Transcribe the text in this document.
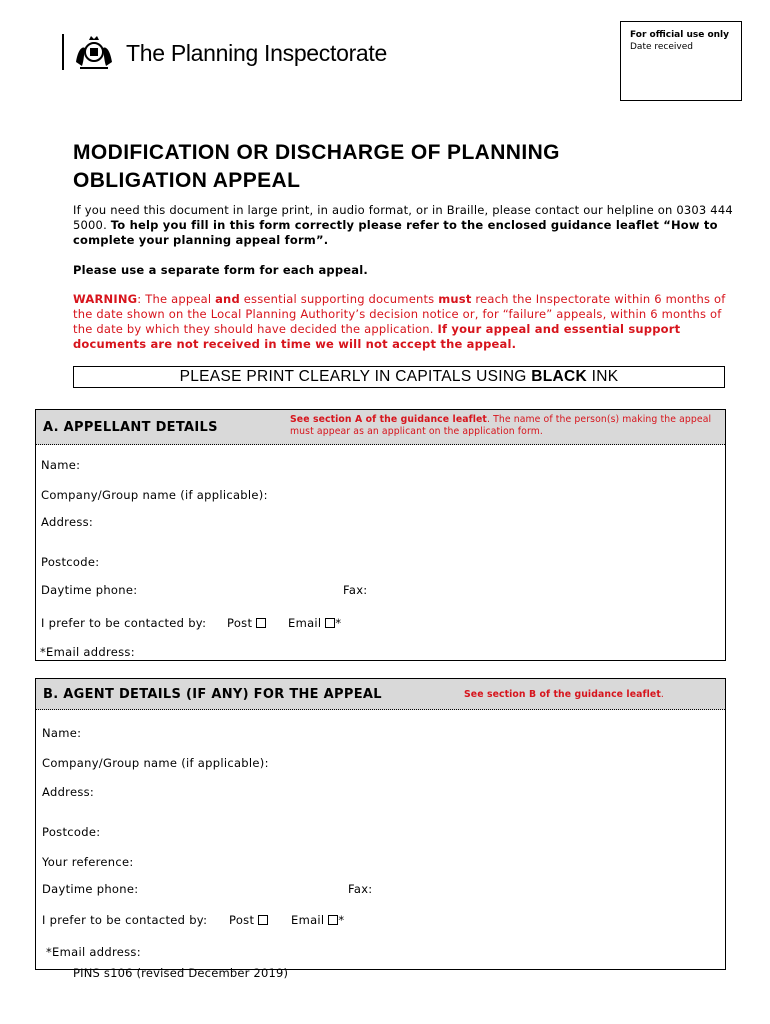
The Planning Inspectorate
For official use only
Date received
MODIFICATION OR DISCHARGE OF PLANNING
OBLIGATION APPEAL
If you need this document in large print, in audio format, or in Braille, please contact our helpline on 0303 444 5000. To help you fill in this form correctly please refer to the enclosed guidance leaflet “How to complete your planning appeal form”.
Please use a separate form for each appeal.
WARNING: The appeal and essential supporting documents must reach the Inspectorate within 6 months of the date shown on the Local Planning Authority’s decision notice or, for “failure” appeals, within 6 months of the date by which they should have decided the application. If your appeal and essential support documents are not received in time we will not accept the appeal.
PLEASE PRINT CLEARLY IN CAPITALS USING BLACK INK
A. APPELLANT DETAILS
See section A of the guidance leaflet. The name of the person(s) making the appeal must appear as an applicant on the application form.
Name:
Company/Group name (if applicable):
Address:
Postcode:
Daytime phone:	Fax:
I prefer to be contacted by: Post	Email *
*Email address:
B. AGENT DETAILS (IF ANY) FOR THE APPEAL	See section B of the guidance leaflet.
Name:
Company/Group name (if applicable):
Address:
Postcode:
Your reference:
Daytime phone:	Fax:
I prefer to be contacted by: Post	Email *
*Email address:
PINS s106 (revised December 2019)
